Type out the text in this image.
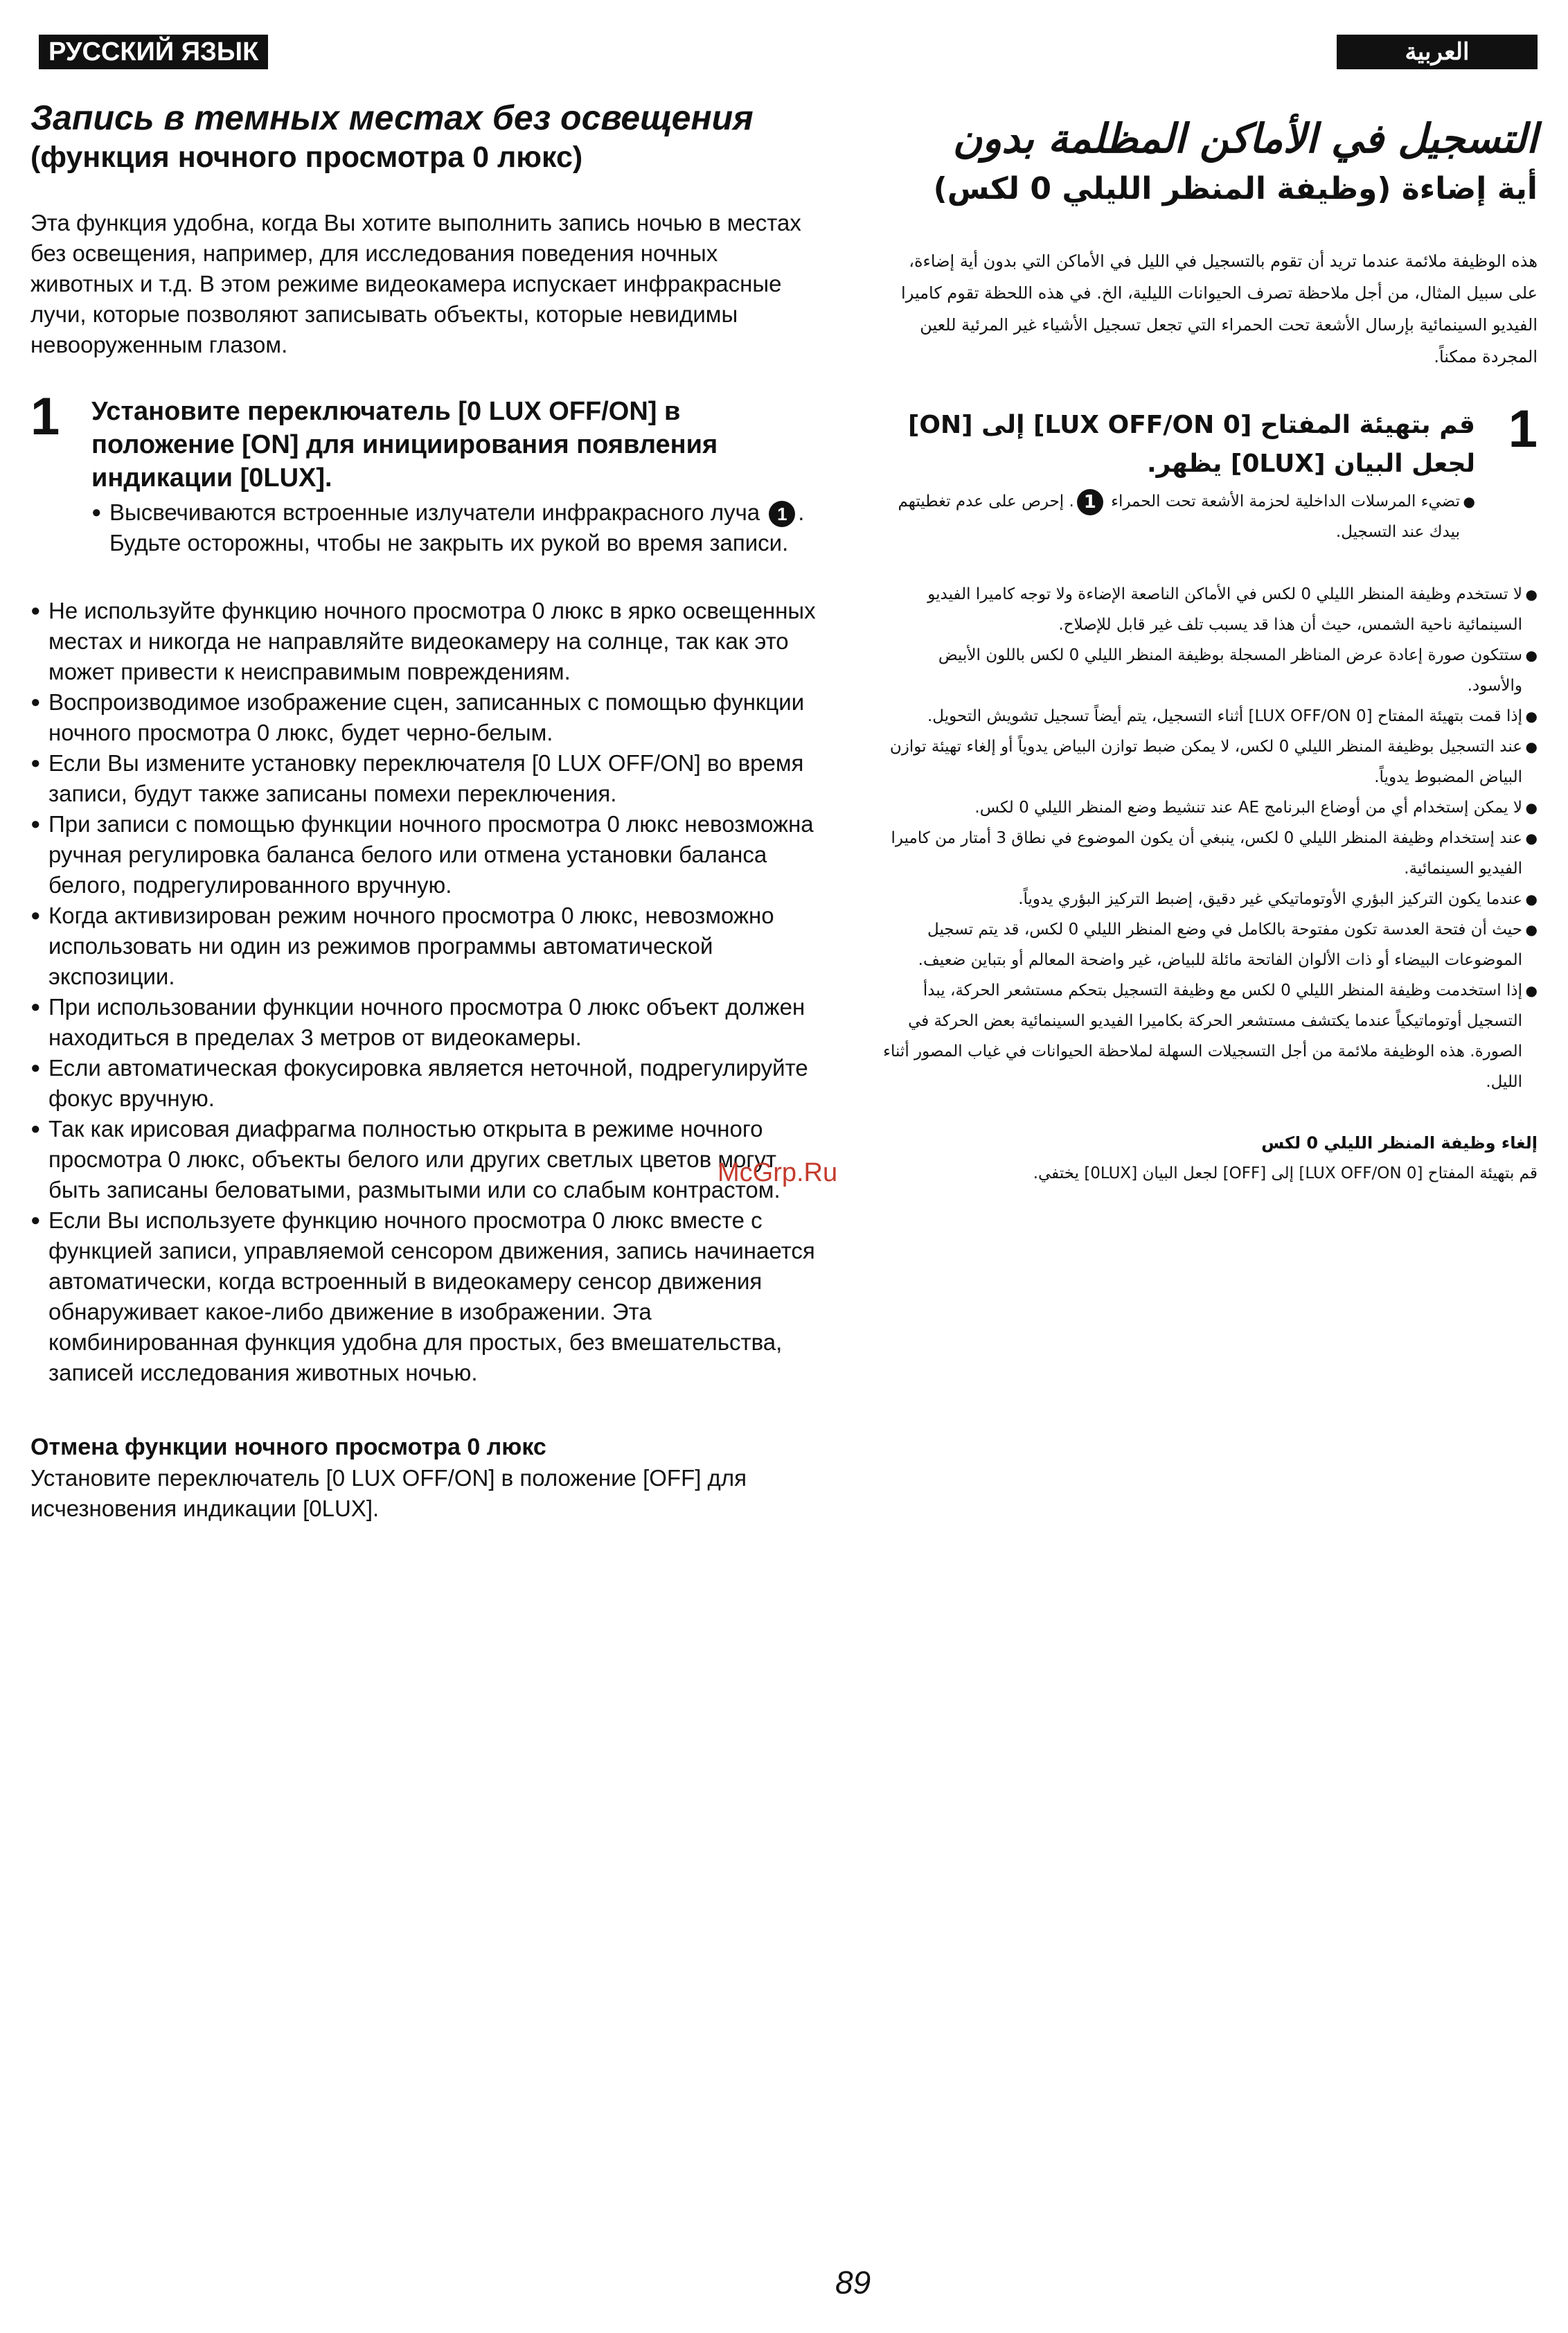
РУССКИЙ ЯЗЫК	العربية
Запись в темных местах без освещения
(функция ночного просмотра 0 люкс)

Эта функция удобна, когда Вы хотите выполнить запись ночью в местах без освещения, например, для исследования поведения ночных животных и т.д. В этом режиме видеокамера испускает инфракрасные лучи, которые позволяют записывать объекты, которые невидимы невооруженным глазом.

1 Установите переключатель [0 LUX OFF/ON] в положение [ON] для инициирования появления индикации [0LUX].
● Высвечиваются встроенные излучатели инфракрасного луча 1 . Будьте осторожны, чтобы не закрыть их рукой во время записи.
● Не используйте функцию ночного просмотра 0 люкс в ярко освещенных местах и никогда не направляйте видеокамеру на солнце, так как это может привести к неисправимым повреждениям.
● Воспроизводимое изображение сцен, записанных с помощью функции ночного просмотра 0 люкс, будет черно-белым.
● Если Вы измените установку переключателя [0 LUX OFF/ON] во время записи, будут также записаны помехи переключения.
● При записи с помощью функции ночного просмотра 0 люкс невозможна ручная регулировка баланса белого или отмена установки баланса белого, подрегулированного вручную.
● Когда активизирован режим ночного просмотра 0 люкс, невозможно использовать ни один из режимов программы автоматической экспозиции.
● При использовании функции ночного просмотра 0 люкс объект должен находиться в пределах 3 метров от видеокамеры.
● Если автоматическая фокусировка является неточной, подрегулируйте фокус вручную.
● Так как ирисовая диафрагма полностью открыта в режиме ночного просмотра 0 люкс, объекты белого или других светлых цветов могут быть записаны беловатыми, размытыми или со слабым контрастом.
● Если Вы используете функцию ночного просмотра 0 люкс вместе с функцией записи, управляемой сенсором движения, запись начинается автоматически, когда встроенный в видеокамеру сенсор движения обнаруживает какое-либо движение в изображении. Эта комбинированная функция удобна для простых, без вмешательства, записей исследования животных ночью.
Отмена функции ночного просмотра 0 люкс
Установите переключатель [0 LUX OFF/ON] в положение [OFF] для исчезновения индикации [0LUX].
التسجيل في الأماكن المظلمة بدون
أية إضاءة (وظيفة المنظر الليلي 0 لكس)

هذه الوظيفة ملائمة عندما تريد أن تقوم بالتسجيل في الليل في الأماكن التي بدون أية إضاءة، على سبيل المثال، من أجل ملاحظة تصرف الحيوانات الليلية، الخ. في هذه اللحظة تقوم كاميرا الفيديو السينمائية بإرسال الأشعة تحت الحمراء التي تجعل تسجيل الأشياء غير المرئية للعين المجردة ممكناً.

1
قم بتهيئة المفتاح [0 LUX OFF/ON] إلى [ON] لجعل البيان [0LUX] يظهر.
● تضيء المرسلات الداخلية لحزمة الأشعة تحت الحمراء 1. إحرص على عدم تغطيتهم بيدك عند التسجيل.
● لا تستخدم وظيفة المنظر الليلي 0 لكس في الأماكن الناصعة الإضاءة ولا توجه كاميرا الفيديو السينمائية ناحية الشمس، حيث أن هذا قد يسبب تلف غير قابل للإصلاح.
● ستتكون صورة إعادة عرض المناظر المسجلة بوظيفة المنظر الليلي 0 لكس باللون الأبيض والأسود.
● إذا قمت بتهيئة المفتاح [0 LUX OFF/ON] أثناء التسجيل، يتم أيضاً تسجيل تشويش التحويل.
● عند التسجيل بوظيفة المنظر الليلي 0 لكس، لا يمكن ضبط توازن البياض يدوياً أو إلغاء تهيئة توازن البياض المضبوط يدوياً.
● لا يمكن إستخدام أي من أوضاع البرنامج AE عند تنشيط وضع المنظر الليلي 0 لكس.
● عند إستخدام وظيفة المنظر الليلي 0 لكس، ينبغي أن يكون الموضوع في نطاق 3 أمتار من كاميرا الفيديو السينمائية.
● عندما يكون التركيز البؤري الأوتوماتيكي غير دقيق، إضبط التركيز البؤري يدوياً.
● حيث أن فتحة العدسة تكون مفتوحة بالكامل في وضع المنظر الليلي 0 لكس، قد يتم تسجيل الموضوعات البيضاء أو ذات الألوان الفاتحة مائلة للبياض، غير واضحة المعالم أو بتباين ضعيف.
● إذا استخدمت وظيفة المنظر الليلي 0 لكس مع وظيفة التسجيل بتحكم مستشعر الحركة، يبدأ التسجيل أوتوماتيكياً عندما يكتشف مستشعر الحركة بكاميرا الفيديو السينمائية بعض الحركة في الصورة. هذه الوظيفة ملائمة من أجل التسجيلات السهلة لملاحظة الحيوانات في غياب المصور أثناء الليل.
إلغاء وظيفة المنظر الليلي 0 لكس
قم بتهيئة المفتاح [0 LUX OFF/ON] إلى [OFF] لجعل البيان [0LUX] يختفي.
McGrp.Ru
89
